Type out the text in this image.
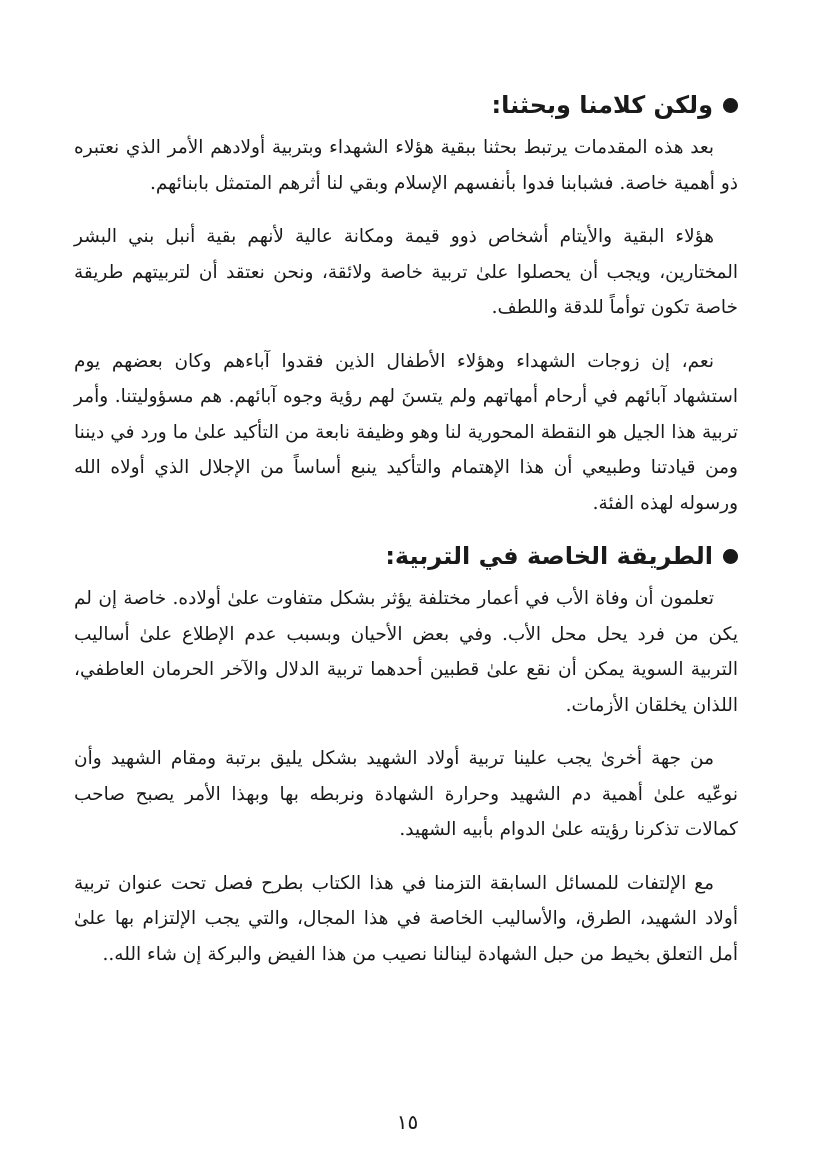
ولكن كلامنا وبحثنا:

بعد هذه المقدمات يرتبط بحثنا ببقية هؤلاء الشهداء وبتربية أولادهم الأمر الذي نعتبره ذو أهمية خاصة. فشبابنا فدوا بأنفسهم الإسلام وبقي لنا أثرهم المتمثل بابنائهم.

هؤلاء البقية والأيتام أشخاص ذوو قيمة ومكانة عالية لأنهم بقية أنبل بني البشر المختارين، ويجب أن يحصلوا علىٰ تربية خاصة ولائقة، ونحن نعتقد أن لتربيتهم طريقة خاصة تكون توأماً للدقة واللطف.

نعم، إن زوجات الشهداء وهؤلاء الأطفال الذين فقدوا آباءهم وكان بعضهم يوم استشهاد آبائهم في أرحام أمهاتهم ولم يتسنَ لهم رؤية وجوه آبائهم. هم مسؤوليتنا. وأمر تربية هذا الجيل هو النقطة المحورية لنا وهو وظيفة نابعة من التأكيد علىٰ ما ورد في ديننا ومن قيادتنا وطبيعي أن هذا الإهتمام والتأكيد ينبع أساساً من الإجلال الذي أولاه الله ورسوله لهذه الفئة.

الطريقة الخاصة في التربية:

تعلمون أن وفاة الأب في أعمار مختلفة يؤثر بشكل متفاوت علىٰ أولاده. خاصة إن لم يكن من فرد يحل محل الأب. وفي بعض الأحيان وبسبب عدم الإطلاع علىٰ أساليب التربية السوية يمكن أن نقع علىٰ قطبين أحدهما تربية الدلال والآخر الحرمان العاطفي، اللذان يخلقان الأزمات.

من جهة أخرىٰ يجب علينا تربية أولاد الشهيد بشكل يليق برتبة ومقام الشهيد وأن نوعّيه علىٰ أهمية دم الشهيد وحرارة الشهادة ونربطه بها وبهذا الأمر يصبح صاحب كمالات تذكرنا رؤيته علىٰ الدوام بأبيه الشهيد.

مع الإلتفات للمسائل السابقة التزمنا في هذا الكتاب بطرح فصل تحت عنوان تربية أولاد الشهيد، الطرق، والأساليب الخاصة في هذا المجال، والتي يجب الإلتزام بها علىٰ أمل التعلق بخيط من حبل الشهادة لينالنا نصيب من هذا الفيض والبركة إن شاء الله..

١٥
